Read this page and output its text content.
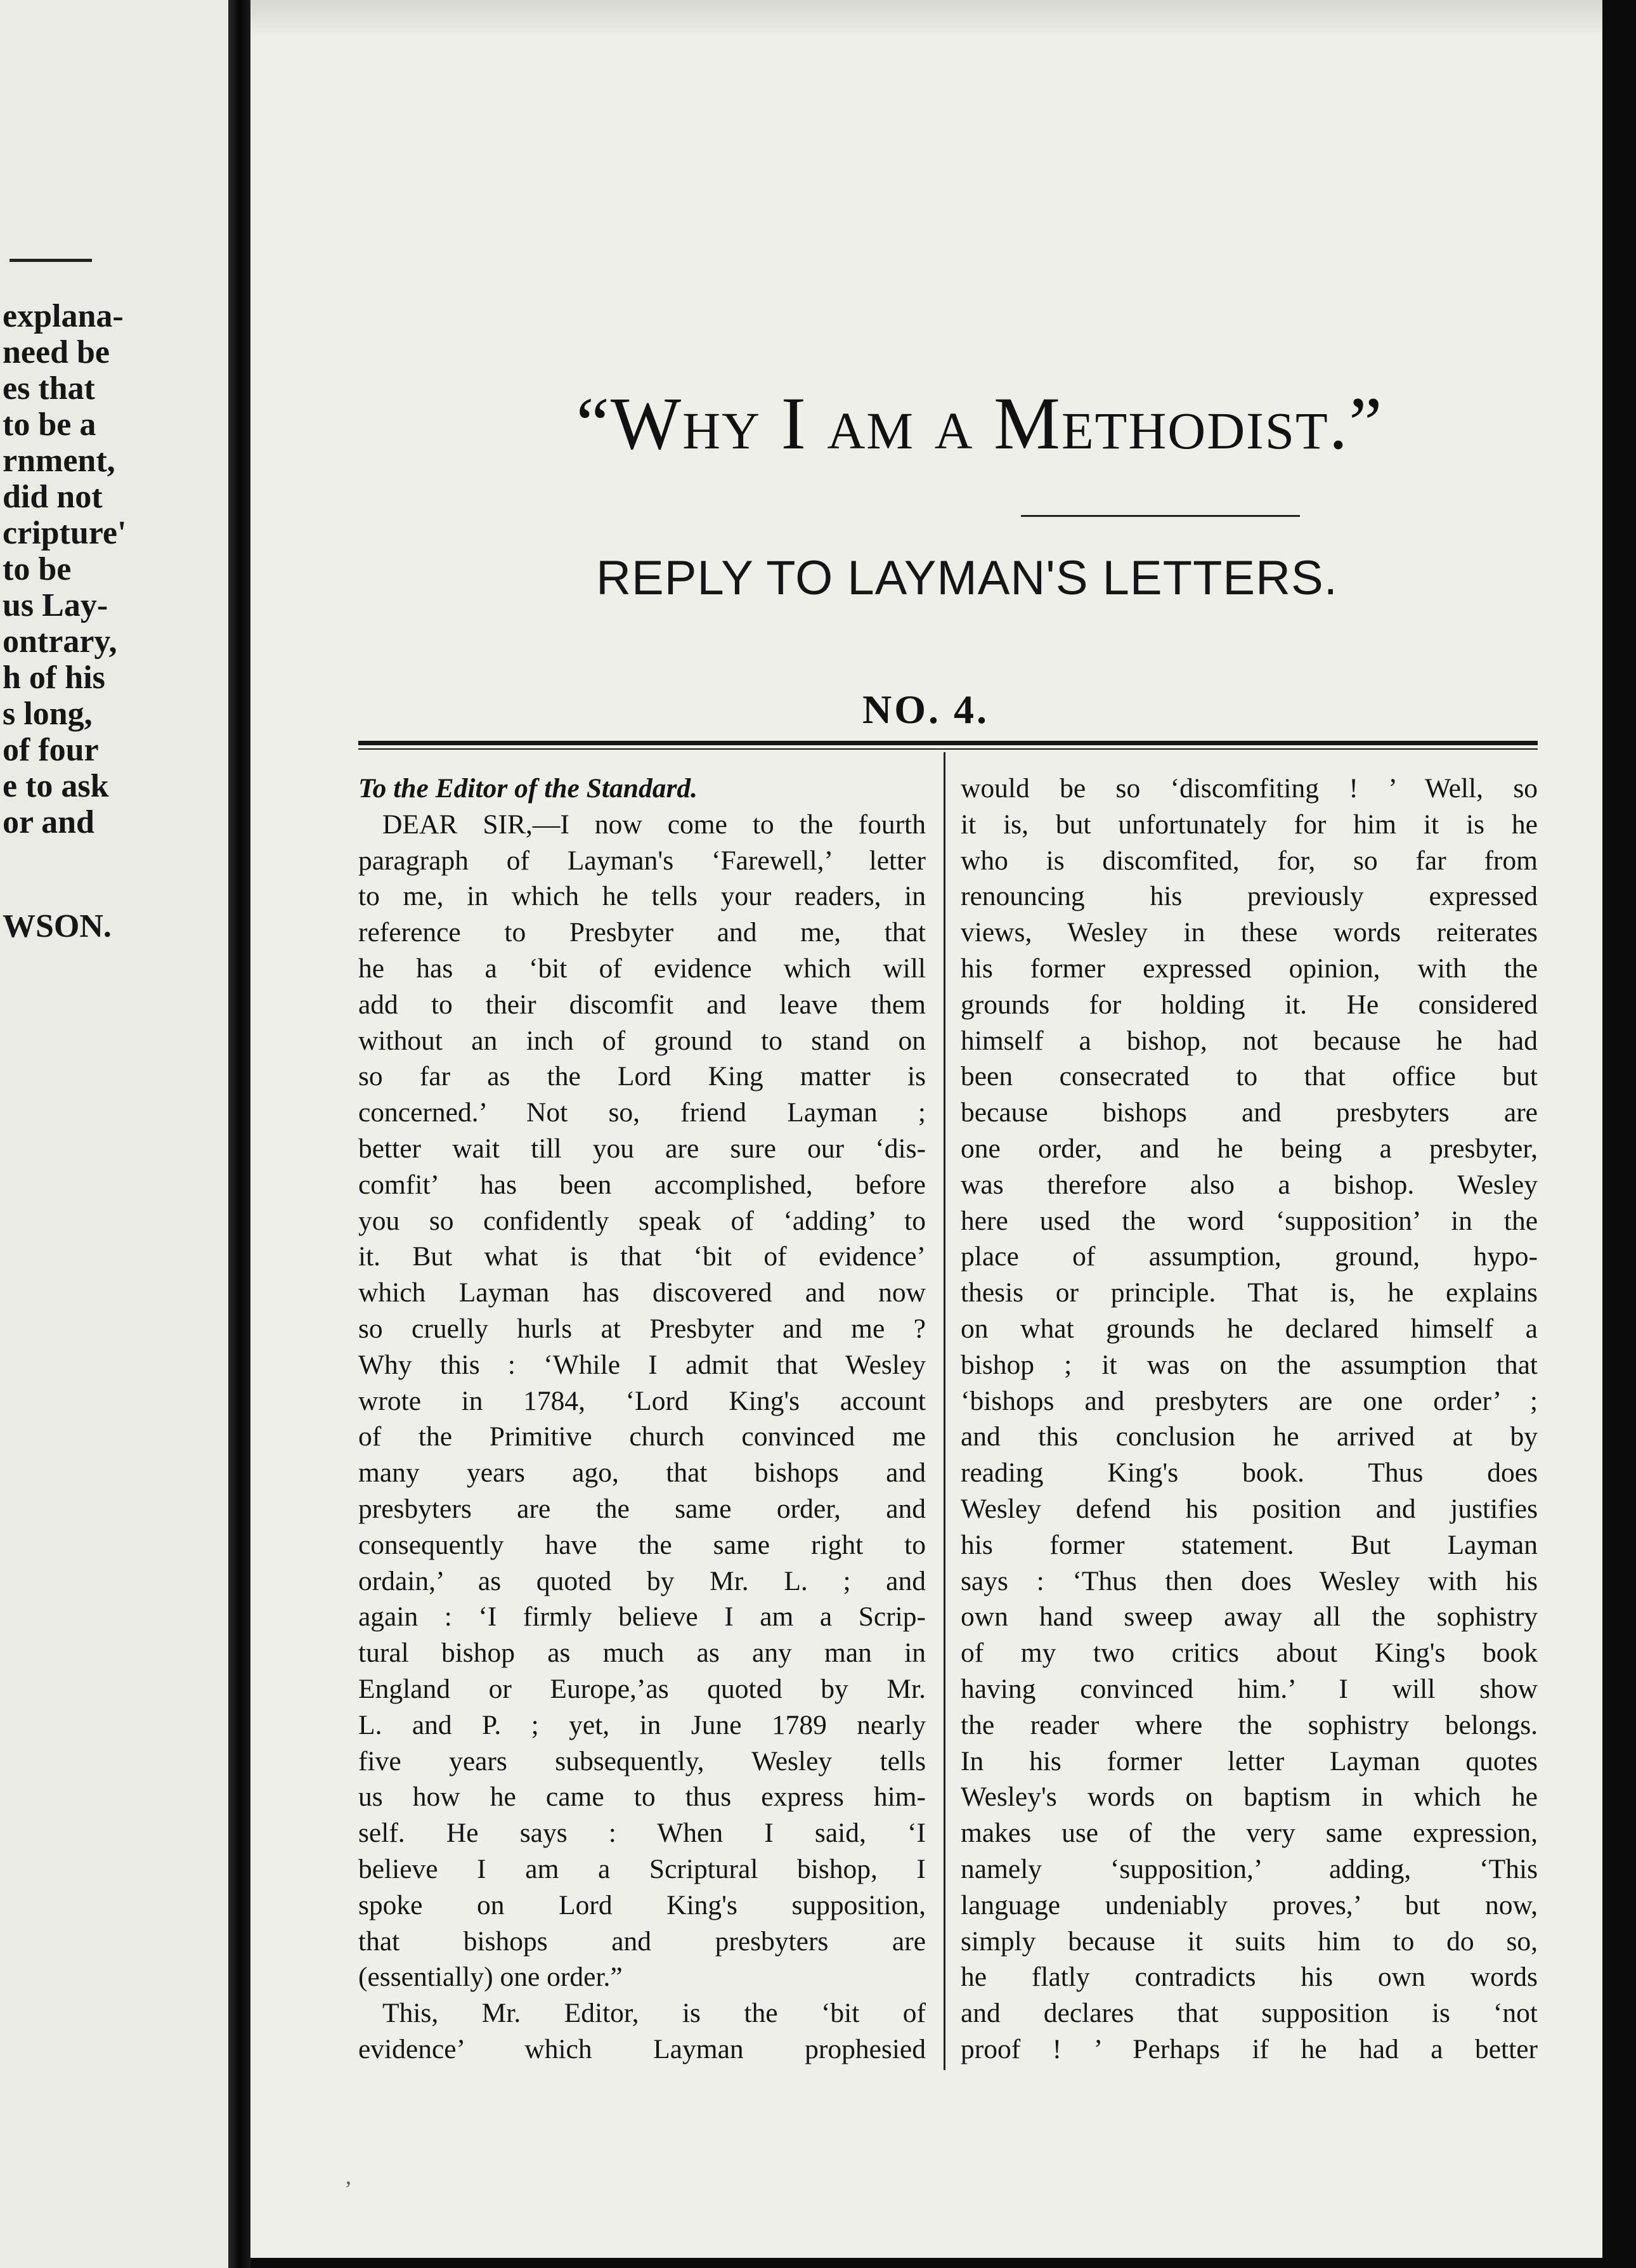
explana-
need be
es that
to be a
rnment,
did not
cripture'
to be
us Lay-
ontrary,
h of his
s long,
of four
e to ask
or and
WSON.
“Why I am a Methodist.”
REPLY TO LAYMAN'S LETTERS.
NO. 4.
To the Editor of the Standard.
DEAR SIR,—I now come to the fourth
paragraph of Layman's ‘Farewell,’ letter
to me, in which he tells your readers, in
reference to Presbyter and me, that
he has a ‘bit of evidence which will
add to their discomfit and leave them
without an inch of ground to stand on
so far as the Lord King matter is
concerned.’ Not so, friend Layman ;
better wait till you are sure our ‘dis-
comfit’ has been accomplished, before
you so confidently speak of ‘adding’ to
it. But what is that ‘bit of evidence’
which Layman has discovered and now
so cruelly hurls at Presbyter and me ?
Why this : ‘While I admit that Wesley
wrote in 1784, ‘Lord King's account
of the Primitive church convinced me
many years ago, that bishops and
presbyters are the same order, and
consequently have the same right to
ordain,’ as quoted by Mr. L. ; and
again : ‘I firmly believe I am a Scrip-
tural bishop as much as any man in
England or Europe,’as quoted by Mr.
L. and P. ; yet, in June 1789 nearly
five years subsequently, Wesley tells
us how he came to thus express him-
self. He says : When I said, ‘I
believe I am a Scriptural bishop, I
spoke on Lord King's supposition,
that bishops and presbyters are
(essentially) one order.”
This, Mr. Editor, is the ‘bit of
evidence’ which Layman prophesied
would be so ‘discomfiting ! ’ Well, so
it is, but unfortunately for him it is he
who is discomfited, for, so far from
renouncing his previously expressed
views, Wesley in these words reiterates
his former expressed opinion, with the
grounds for holding it. He considered
himself a bishop, not because he had
been consecrated to that office but
because bishops and presbyters are
one order, and he being a presbyter,
was therefore also a bishop. Wesley
here used the word ‘supposition’ in the
place of assumption, ground, hypo-
thesis or principle. That is, he explains
on what grounds he declared himself a
bishop ; it was on the assumption that
‘bishops and presbyters are one order’ ;
and this conclusion he arrived at by
reading King's book. Thus does
Wesley defend his position and justifies
his former statement. But Layman
says : ‘Thus then does Wesley with his
own hand sweep away all the sophistry
of my two critics about King's book
having convinced him.’ I will show
the reader where the sophistry belongs.
In his former letter Layman quotes
Wesley's words on baptism in which he
makes use of the very same expression,
namely ‘supposition,’ adding, ‘This
language undeniably proves,’ but now,
simply because it suits him to do so,
he flatly contradicts his own words
and declares that supposition is ‘not
proof ! ’ Perhaps if he had a better
,
